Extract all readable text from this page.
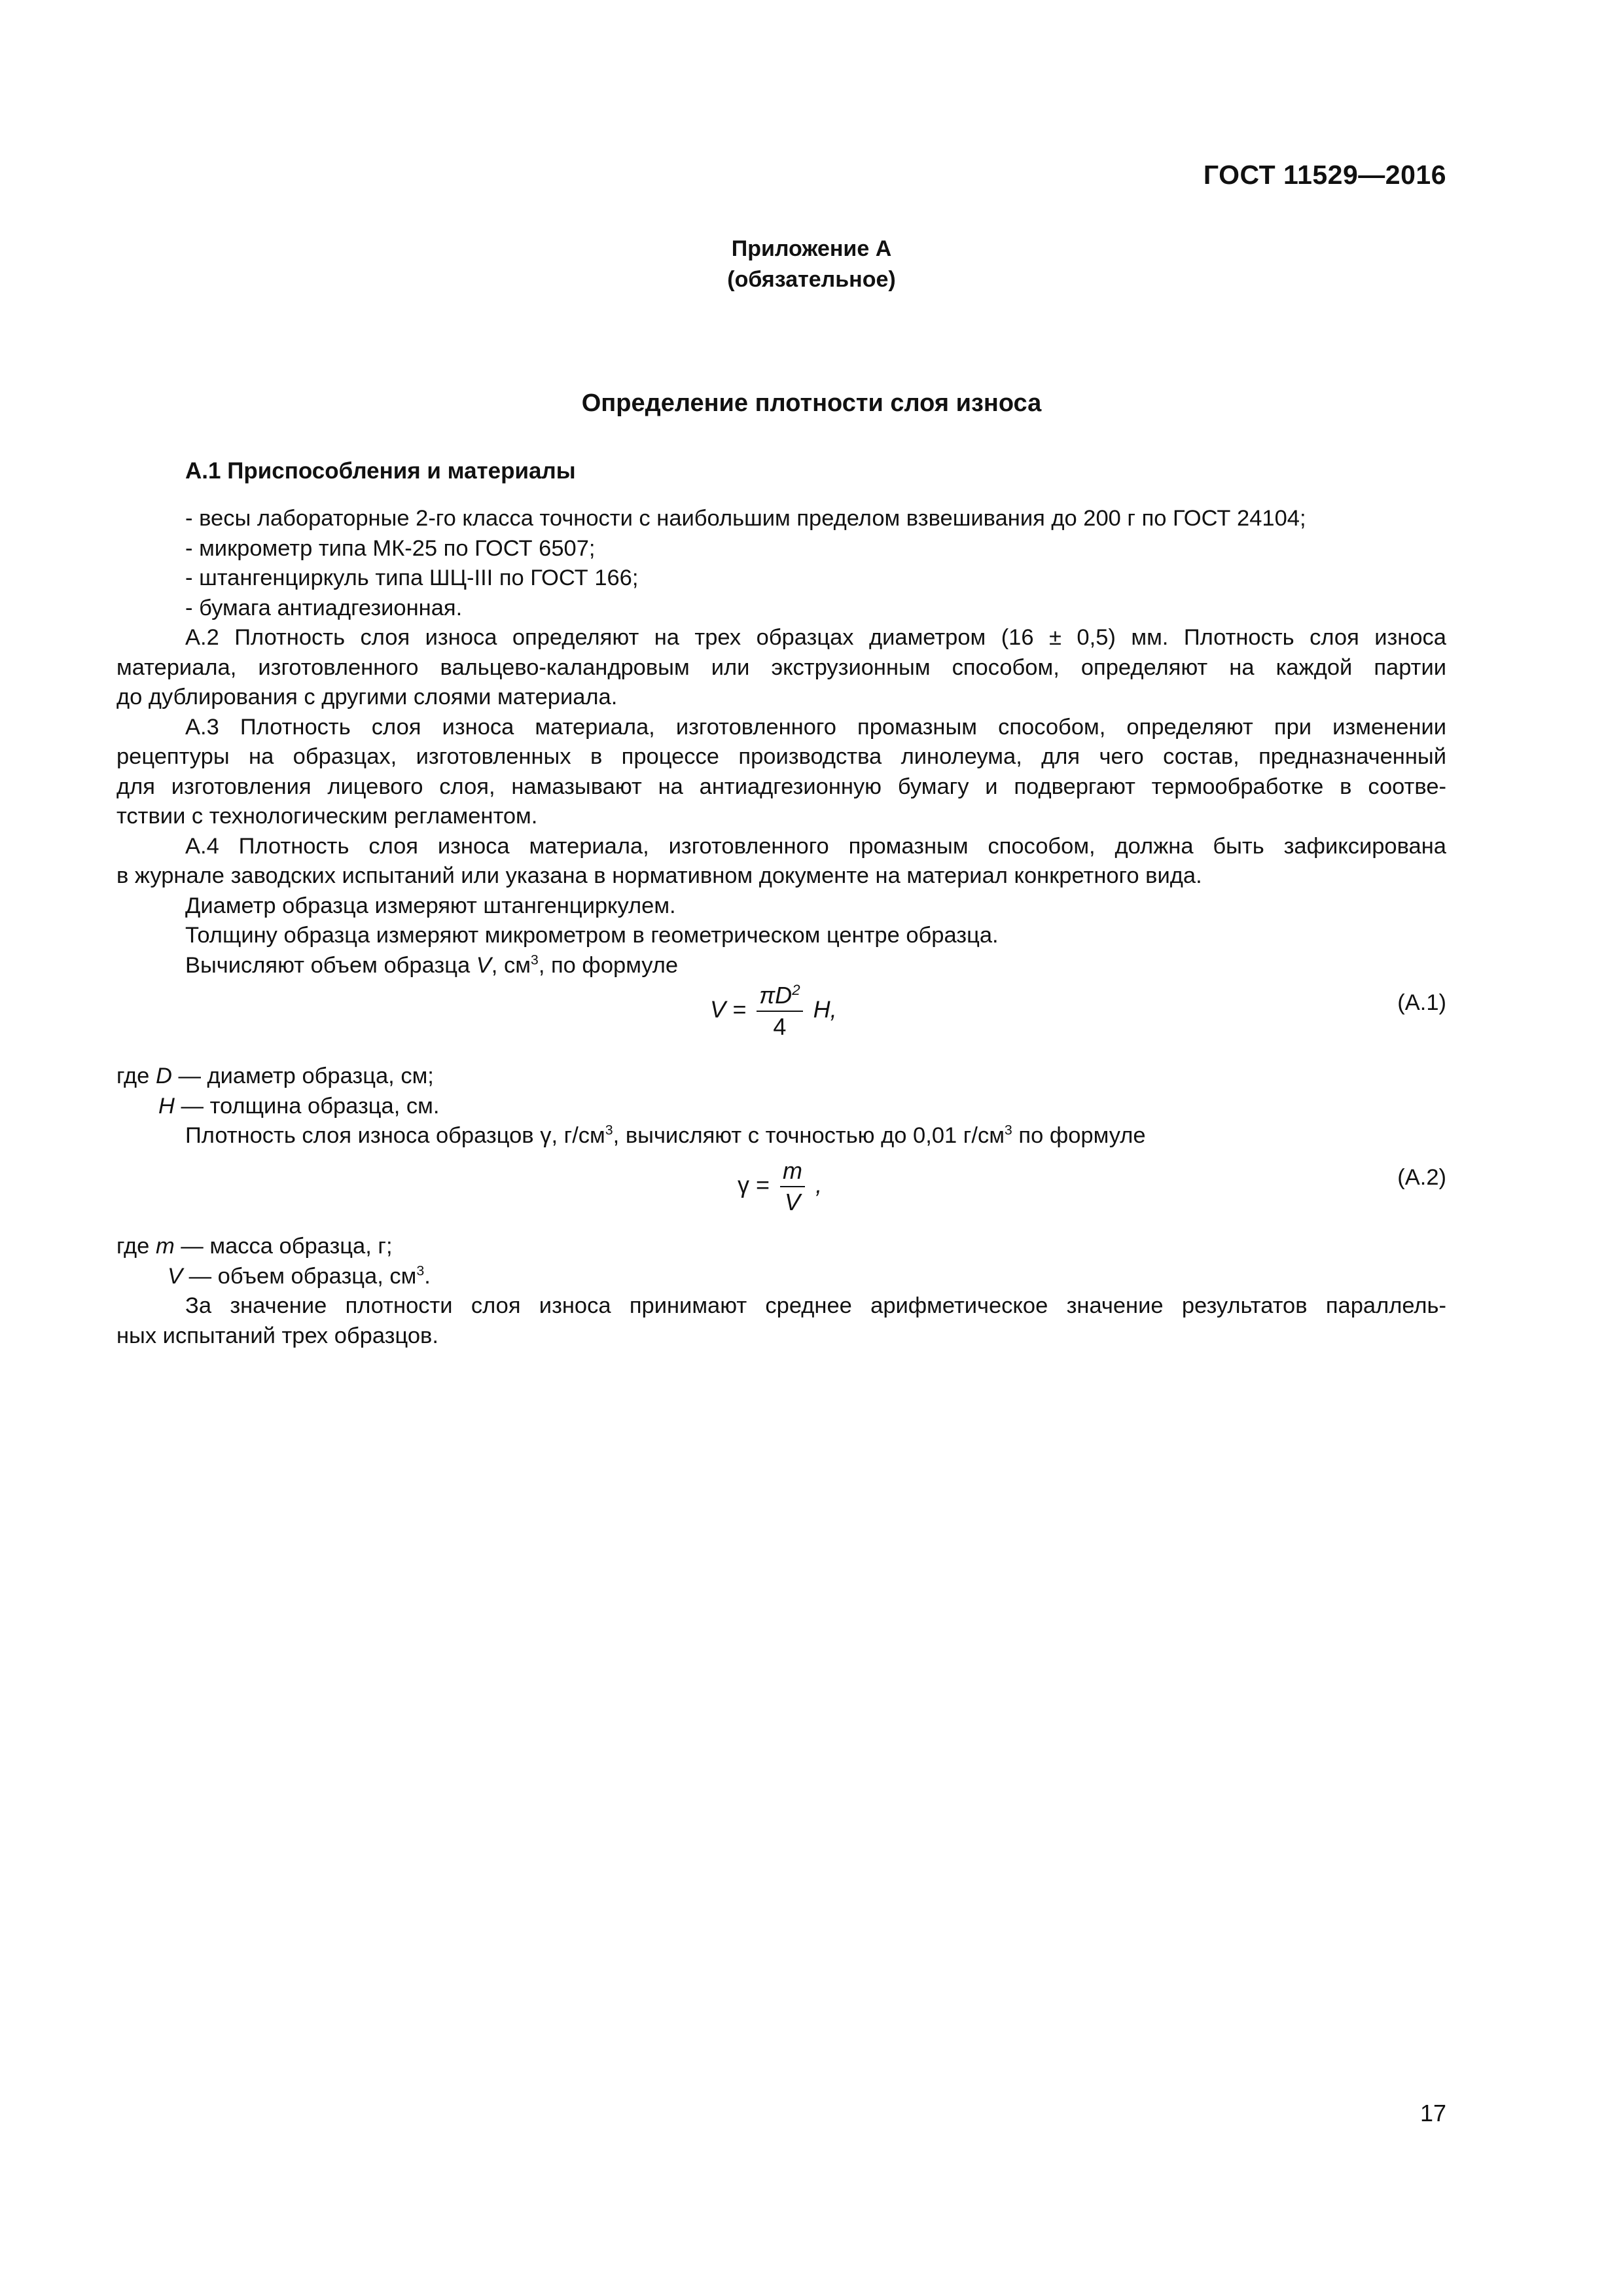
ГОСТ 11529—2016
Приложение А
(обязательное)
Определение плотности слоя износа
А.1 Приспособления и материалы
- весы лабораторные 2-го класса точности с наибольшим пределом взвешивания до 200 г по ГОСТ 24104;
- микрометр типа МК-25 по ГОСТ 6507;
- штангенциркуль типа ШЦ-III по ГОСТ 166;
- бумага антиадгезионная.
А.2 Плотность слоя износа определяют на трех образцах диаметром (16 ± 0,5) мм. Плотность слоя износа
материала, изготовленного вальцево-каландровым или экструзионным способом, определяют на каждой партии
до дублирования с другими слоями материала.
А.3 Плотность слоя износа материала, изготовленного промазным способом, определяют при изменении
рецептуры на образцах, изготовленных в процессе производства линолеума, для чего состав, предназначенный
для изготовления лицевого слоя, намазывают на антиадгезионную бумагу и подвергают термообработке в соотве-
тствии с технологическим регламентом.
А.4 Плотность слоя износа материала, изготовленного промазным способом, должна быть зафиксирована
в журнале заводских испытаний или указана в нормативном документе на материал конкретного вида.
Диаметр образца измеряют штангенциркулем.
Толщину образца измеряют микрометром в геометрическом центре образца.
Вычисляют объем образца V, $см^3$, по формуле
$V = \frac{\pi D^2}{4} H$,	(А.1)
где D — диаметр образца, см;
H — толщина образца, см.
Плотность слоя износа образцов γ, $г/см^3$, вычисляют с точностью до 0,01 $г/см^3$ по формуле
$\gamma = \frac{m}{V}$ ,	(А.2)
где m — масса образца, г;
V — объем образца, $см^3$.
За значение плотности слоя износа принимают среднее арифметическое значение результатов параллель-
ных испытаний трех образцов.
17
